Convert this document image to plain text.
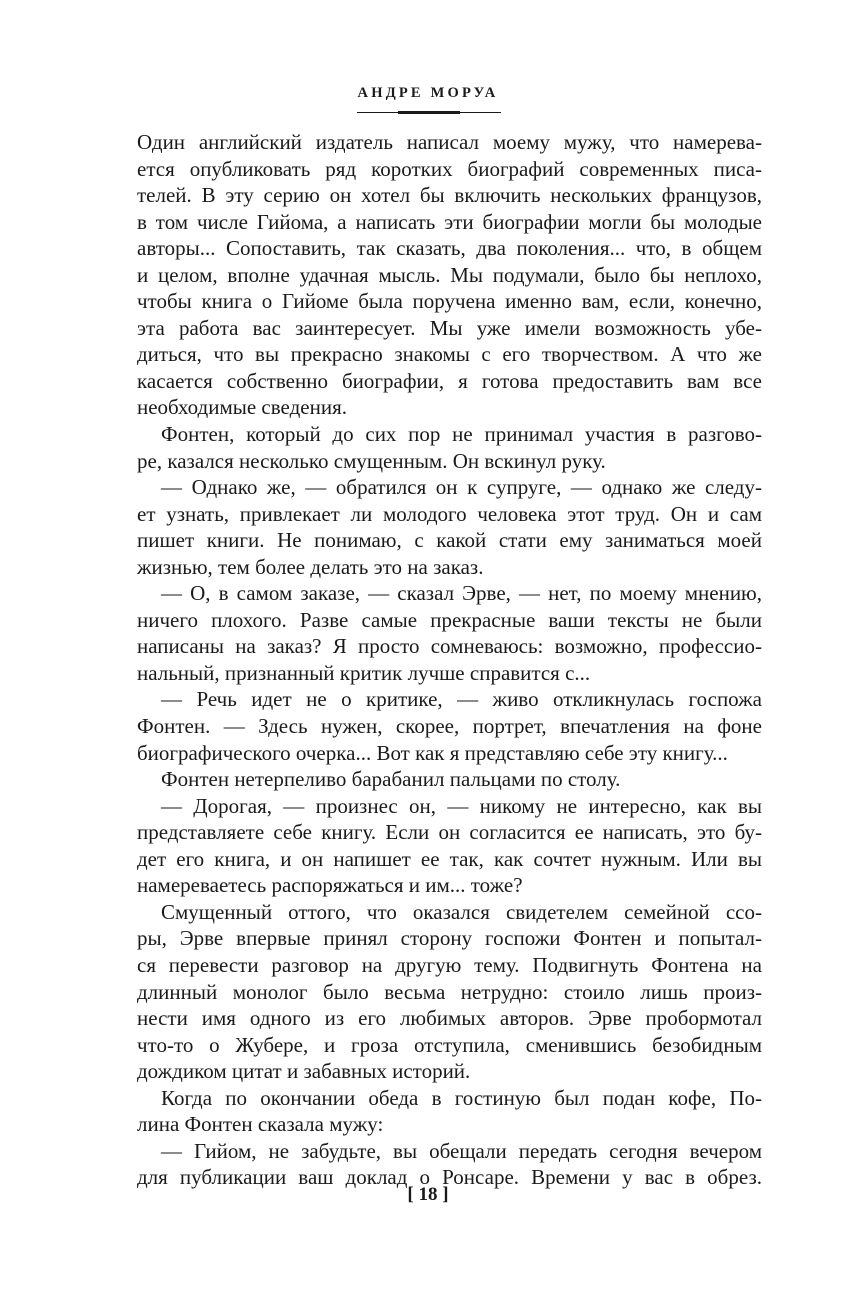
АНДРЕ МОРУА
Один английский издатель написал моему мужу, что намерева-
ется опубликовать ряд коротких биографий современных писа-
телей. В эту серию он хотел бы включить нескольких французов,
в том числе Гийома, а написать эти биографии могли бы молодые
авторы... Сопоставить, так сказать, два поколения... что, в общем
и целом, вполне удачная мысль. Мы подумали, было бы неплохо,
чтобы книга о Гийоме была поручена именно вам, если, конечно,
эта работа вас заинтересует. Мы уже имели возможность убе-
диться, что вы прекрасно знакомы с его творчеством. А что же
касается собственно биографии, я готова предоставить вам все
необходимые сведения.
Фонтен, который до сих пор не принимал участия в разгово-
ре, казался несколько смущенным. Он вскинул руку.
— Однако же, — обратился он к супруге, — однако же следу-
ет узнать, привлекает ли молодого человека этот труд. Он и сам
пишет книги. Не понимаю, с какой стати ему заниматься моей
жизнью, тем более делать это на заказ.
— О, в самом заказе, — сказал Эрве, — нет, по моему мнению,
ничего плохого. Разве самые прекрасные ваши тексты не были
написаны на заказ? Я просто сомневаюсь: возможно, профессио-
нальный, признанный критик лучше справится с...
— Речь идет не о критике, — живо откликнулась госпожа
Фонтен. — Здесь нужен, скорее, портрет, впечатления на фоне
биографического очерка... Вот как я представляю себе эту книгу...
Фонтен нетерпеливо барабанил пальцами по столу.
— Дорогая, — произнес он, — никому не интересно, как вы
представляете себе книгу. Если он согласится ее написать, это бу-
дет его книга, и он напишет ее так, как сочтет нужным. Или вы
намереваетесь распоряжаться и им... тоже?
Смущенный оттого, что оказался свидетелем семейной ссо-
ры, Эрве впервые принял сторону госпожи Фонтен и попытал-
ся перевести разговор на другую тему. Подвигнуть Фонтена на
длинный монолог было весьма нетрудно: стоило лишь произ-
нести имя одного из его любимых авторов. Эрве пробормотал
что-то о Жубере, и гроза отступила, сменившись безобидным
дождиком цитат и забавных историй.
Когда по окончании обеда в гостиную был подан кофе, По-
лина Фонтен сказала мужу:
— Гийом, не забудьте, вы обещали передать сегодня вечером
для публикации ваш доклад о Ронсаре. Времени у вас в обрез.
[ 18 ]
